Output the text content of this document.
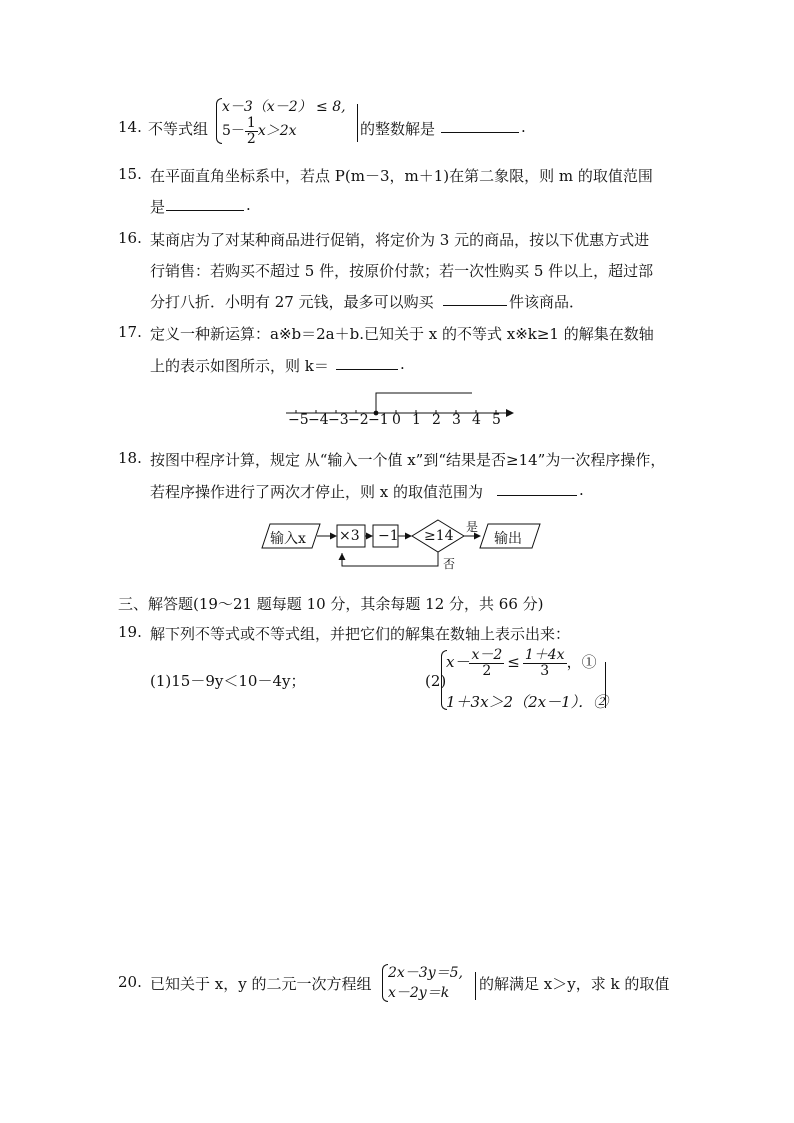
14. 不等式组
x－3（x－2） ≤ 8,
$5- \frac{1}{2} x>2x$	的整数解是	.
15. 在平面直角坐标系中，若点 P(m－3，m＋1)在第二象限，则 m 的取值范围
是	.
16. 某商店为了对某种商品进行促销，将定价为 3 元的商品，按以下优惠方式进
行销售：若购买不超过 5 件，按原价付款；若一次性购买 5 件以上，超过部
分打八折．小明有 27 元钱，最多可以购买	件该商品．
17. 定义一种新运算：a※b＝2a＋b.已知关于 x 的不等式 x※k≥1 的解集在数轴
上的表示如图所示，则 k＝	.
−5 −4 −3 −2 −1 0 1 2 3 4 5
18. 按图中程序计算，规定 从“输入一个值 x”到“结果是否≥14”为一次程序操作，
若程序操作进行了两次才停止，则 x 的取值范围为	.
输入x ×3 −1 ≥14
是
否
输出
三、解答题(19～21 题每题 10 分，其余每题 12 分，共 66 分)
19. 解下列不等式或不等式组，并把它们的解集在数轴上表示出来：
(1)15－9y＜10－4y；	(2)
$x- \frac{x-2}{2} \le \frac{1+4x}{3}$ ，①
1＋3x＞2（2x－1）．②
20. 已知关于 x，y 的二元一次方程组
2x－3y＝5,
x－2y＝k 的解满足 x＞y，求 k 的取值
